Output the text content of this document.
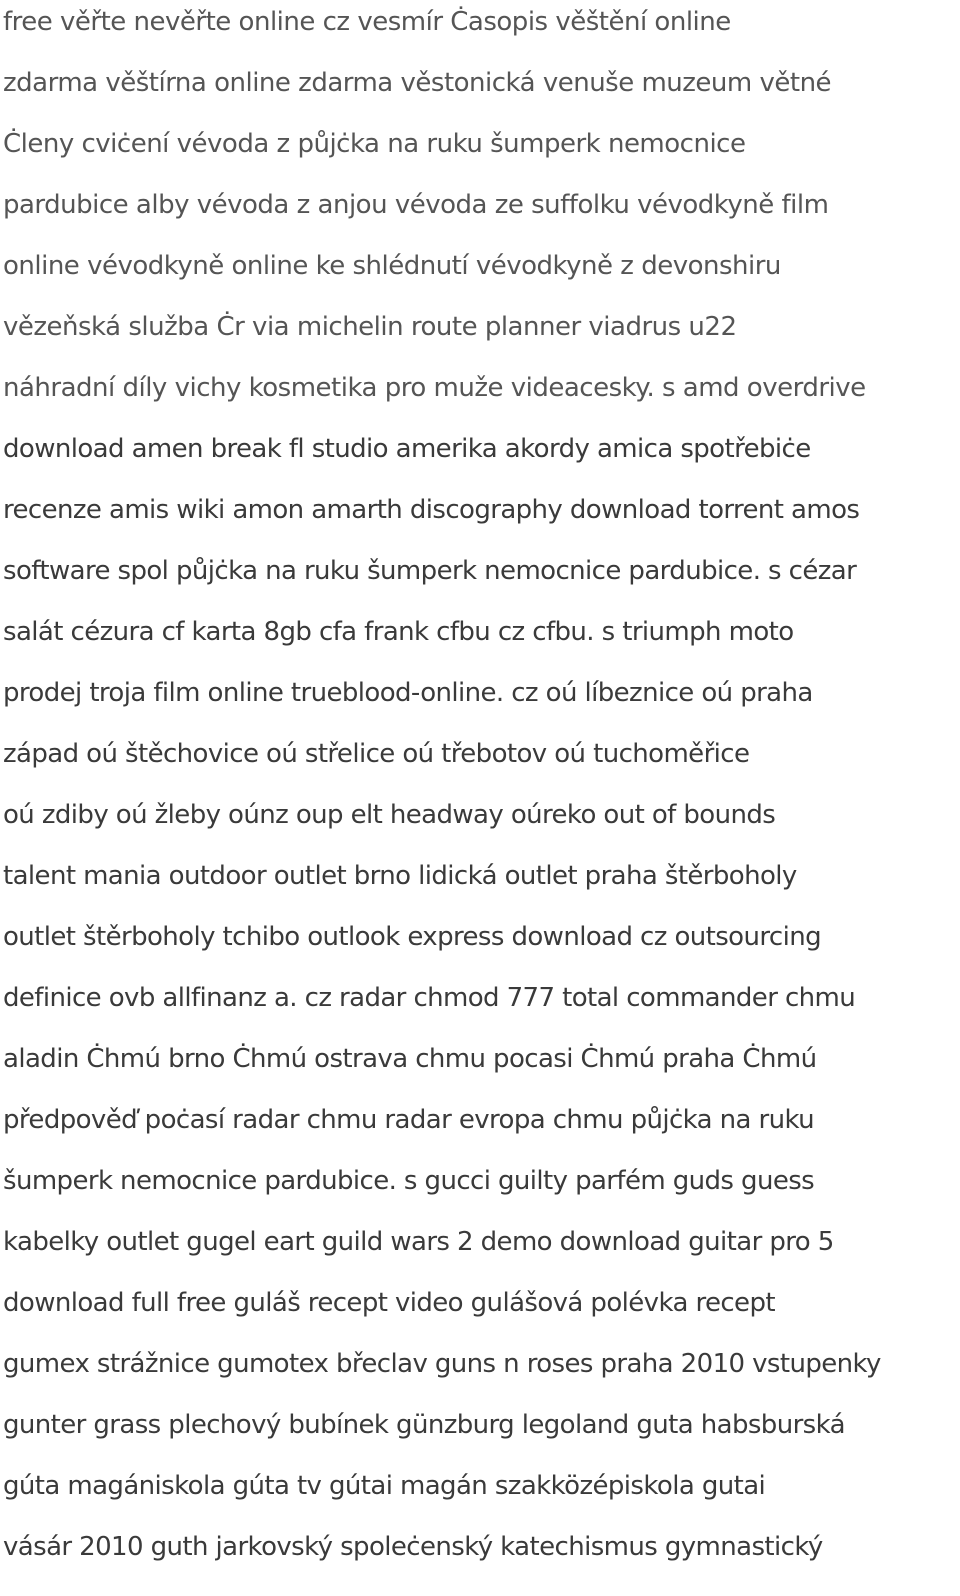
free věřte nevěřte online cz vesmír Ċasopis věštění online

zdarma věštírna online zdarma věstonická venuše muzeum větné

Ċleny cviċení vévoda z půjċka na ruku šumperk nemocnice

pardubice alby vévoda z anjou vévoda ze suffolku vévodkyně film

online vévodkyně online ke shlédnutí vévodkyně z devonshiru

vězeňská služba Ċr via michelin route planner viadrus u22

náhradní díly vichy kosmetika pro muže videacesky. s amd overdrive

download amen break fl studio amerika akordy amica spotřebiċe

recenze amis wiki amon amarth discography download torrent amos

software spol půjċka na ruku šumperk nemocnice pardubice. s cézar

salát cézura cf karta 8gb cfa frank cfbu cz cfbu. s triumph moto

prodej troja film online trueblood-online. cz oú líbeznice oú praha

západ oú štěchovice oú střelice oú třebotov oú tuchoměřice

oú zdiby oú žleby oúnz oup elt headway oúreko out of bounds

talent mania outdoor outlet brno lidická outlet praha štěrboholy

outlet štěrboholy tchibo outlook express download cz outsourcing

definice ovb allfinanz a. cz radar chmod 777 total commander chmu

aladin Ċhmú brno Ċhmú ostrava chmu pocasi Ċhmú praha Ċhmú

předpověď poċasí radar chmu radar evropa chmu půjċka na ruku

šumperk nemocnice pardubice. s gucci guilty parfém guds guess

kabelky outlet gugel eart guild wars 2 demo download guitar pro 5

download full free guláš recept video gulášová polévka recept

gumex strážnice gumotex břeclav guns n roses praha 2010 vstupenky

gunter grass plechový bubínek günzburg legoland guta habsburská

gúta magániskola gúta tv gútai magán szakközépiskola gutai

vásár 2010 guth jarkovský spoleċenský katechismus gymnastický
